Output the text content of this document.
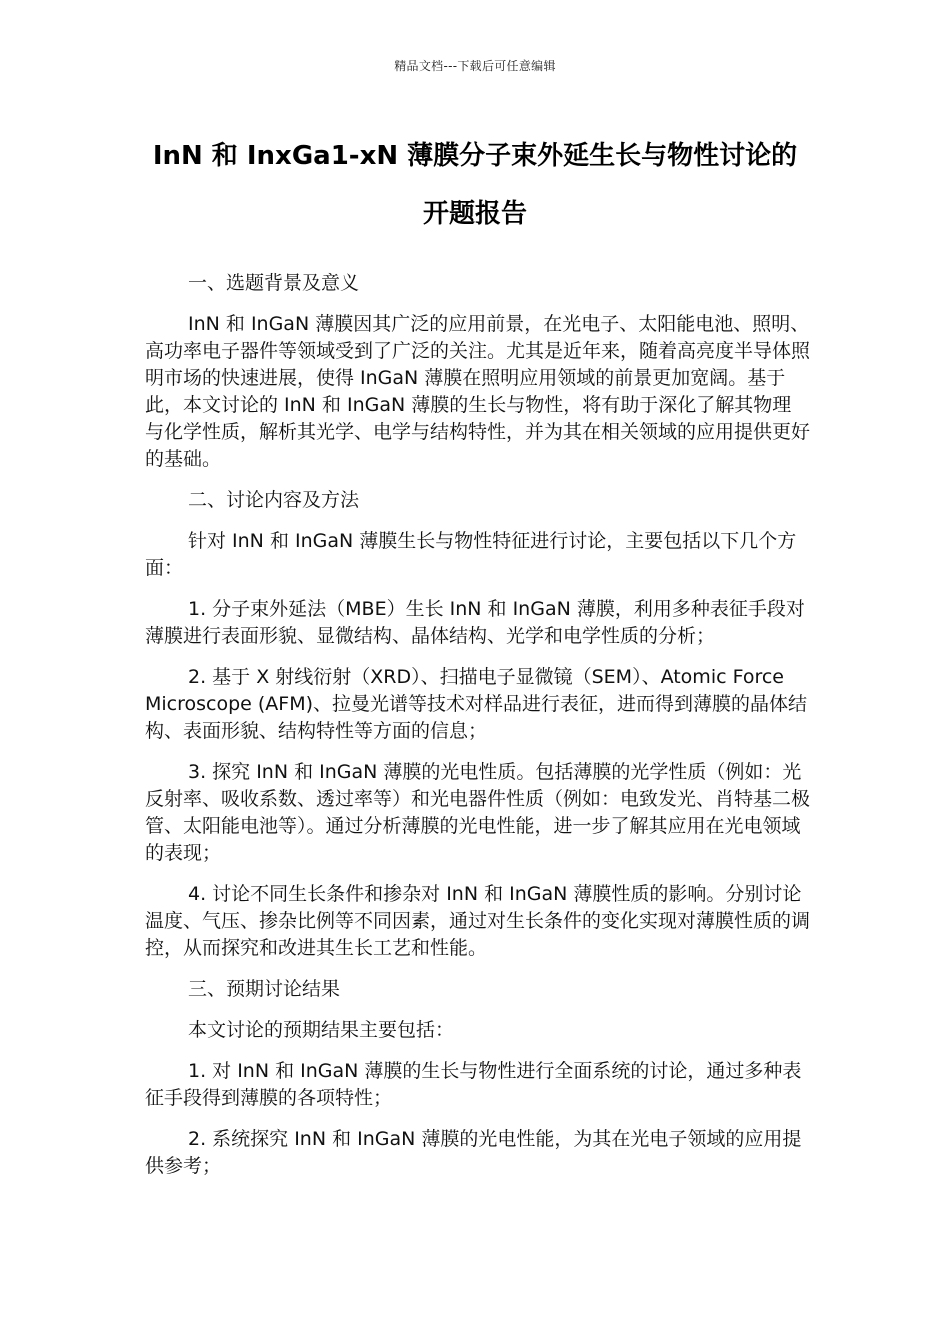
精品文档---下载后可任意编辑
InN 和 InxGa1-xN 薄膜分子束外延生长与物性讨论的
开题报告

一、选题背景及意义

InN 和 InGaN 薄膜因其广泛的应用前景，在光电子、太阳能电池、照明、高功率电子器件等领域受到了广泛的关注。尤其是近年来，随着高亮度半导体照明市场的快速进展，使得 InGaN 薄膜在照明应用领域的前景更加宽阔。基于此，本文讨论的 InN 和 InGaN 薄膜的生长与物性，将有助于深化了解其物理与化学性质，解析其光学、电学与结构特性，并为其在相关领域的应用提供更好的基础。

二、讨论内容及方法

针对 InN 和 InGaN 薄膜生长与物性特征进行讨论，主要包括以下几个方面：

1. 分子束外延法（MBE）生长 InN 和 InGaN 薄膜，利用多种表征手段对薄膜进行表面形貌、显微结构、晶体结构、光学和电学性质的分析；

2. 基于 X 射线衍射（XRD）、扫描电子显微镜（SEM）、Atomic Force Microscope (AFM)、拉曼光谱等技术对样品进行表征，进而得到薄膜的晶体结构、表面形貌、结构特性等方面的信息；

3. 探究 InN 和 InGaN 薄膜的光电性质。包括薄膜的光学性质（例如：光反射率、吸收系数、透过率等）和光电器件性质（例如：电致发光、肖特基二极管、太阳能电池等）。通过分析薄膜的光电性能，进一步了解其应用在光电领域的表现；

4. 讨论不同生长条件和掺杂对 InN 和 InGaN 薄膜性质的影响。分别讨论温度、气压、掺杂比例等不同因素，通过对生长条件的变化实现对薄膜性质的调控，从而探究和改进其生长工艺和性能。

三、预期讨论结果

本文讨论的预期结果主要包括：

1. 对 InN 和 InGaN 薄膜的生长与物性进行全面系统的讨论，通过多种表征手段得到薄膜的各项特性；

2. 系统探究 InN 和 InGaN 薄膜的光电性能，为其在光电子领域的应用提供参考；
